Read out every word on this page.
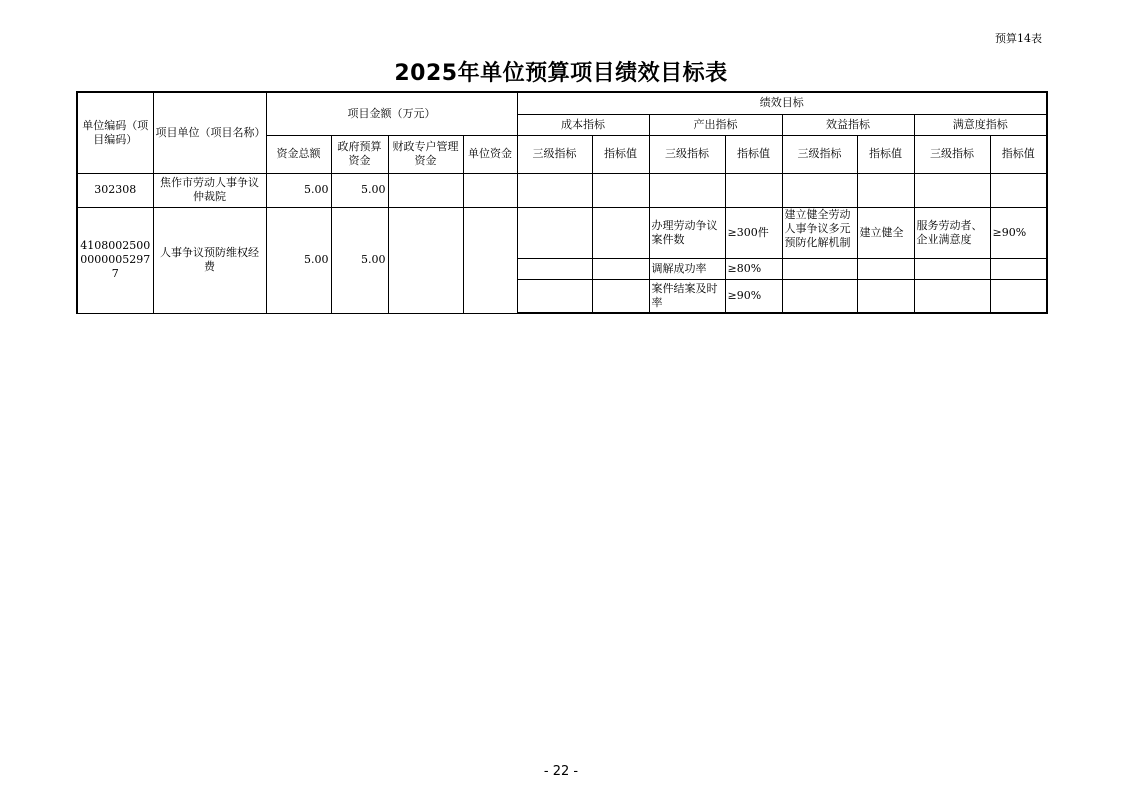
预算14表
2025年单位预算项目绩效目标表
单位编码（项目编码）	项目单位（项目名称）	项目金额（万元）				绩效目标							
						成本指标		产出指标		效益指标		满意度指标	
		资金总额	政府预算资金	财政专户管理资金	单位资金	三级指标	指标值	三级指标	指标值	三级指标	指标值	三级指标	指标值
302308	焦作市劳动人事争议仲裁院	5.00	5.00										
410800250000000052977	人事争议预防维权经费	5.00	5.00					办理劳动争议案件数	≥300件	建立健全劳动人事争议多元预防化解机制	建立健全	服务劳动者、企业满意度	≥90%
								调解成功率	≥80%				
								案件结案及时率	≥90%				
- 22 -
